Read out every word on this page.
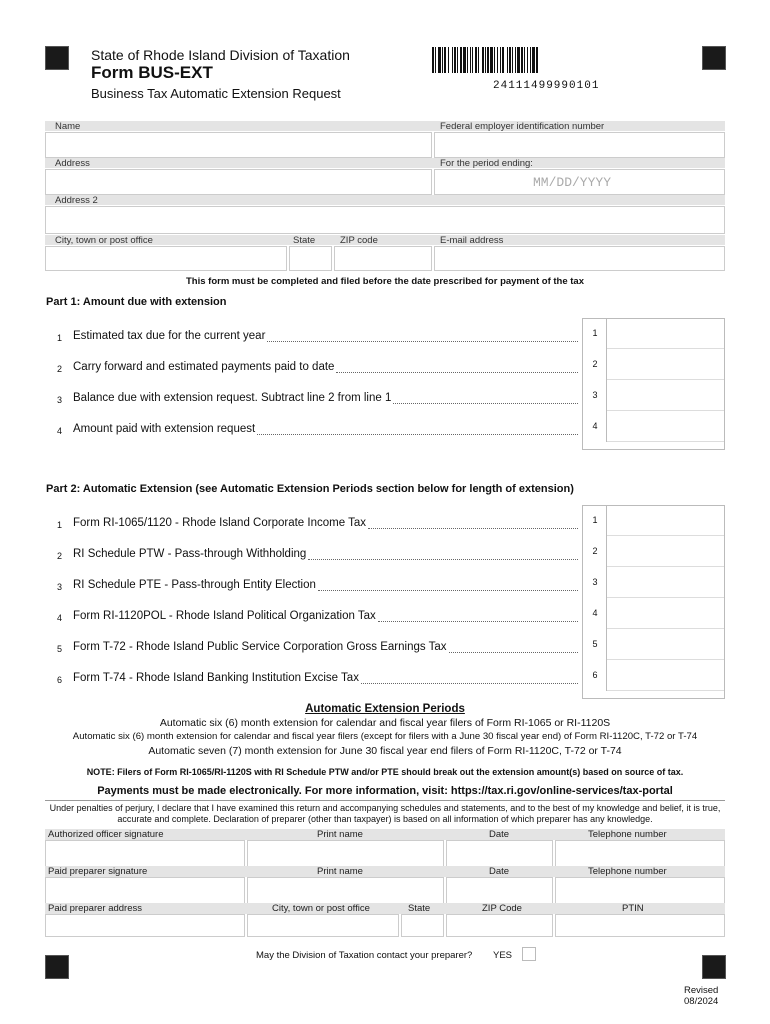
State of Rhode Island Division of Taxation
Form BUS-EXT
Business Tax Automatic Extension Request	24111499990101
Name	Federal employer identification number
Address	For the period ending:
MM/DD/YYYY
Address 2
City, town or post office	State	ZIP code	E-mail address
This form must be completed and filed before the date prescribed for payment of the tax
Part 1: Amount due with extension
1 Estimated tax due for the current year	1
2 Carry forward and estimated payments paid to date	2
3 Balance due with extension request. Subtract line 2 from line 1	3
4 Amount paid with extension request	4
Part 2: Automatic Extension (see Automatic Extension Periods section below for length of extension)
1 Form RI-1065/1120 - Rhode Island Corporate Income Tax	1
2 RI Schedule PTW - Pass-through Withholding	2
3 RI Schedule PTE - Pass-through Entity Election	3
4 Form RI-1120POL - Rhode Island Political Organization Tax	4
5 Form T-72 - Rhode Island Public Service Corporation Gross Earnings Tax	5
6 Form T-74 - Rhode Island Banking Institution Excise Tax	6
Automatic Extension Periods
Automatic six (6) month extension for calendar and fiscal year filers of Form RI-1065 or RI-1120S
Automatic six (6) month extension for calendar and fiscal year filers (except for filers with a June 30 fiscal year end) of Form RI-1120C, T-72 or T-74
Automatic seven (7) month extension for June 30 fiscal year end filers of Form RI-1120C, T-72 or T-74
NOTE: Filers of Form RI-1065/RI-1120S with RI Schedule PTW and/or PTE should break out the extension amount(s) based on source of tax.
Payments must be made electronically. For more information, visit: https://tax.ri.gov/online-services/tax-portal
Under penalties of perjury, I declare that I have examined this return and accompanying schedules and statements, and to the best of my knowledge and belief, it is true, accurate and complete. Declaration of preparer (other than taxpayer) is based on all information of which preparer has any knowledge.
Authorized officer signature	Print name	Date	Telephone number
Paid preparer signature	Print name	Date	Telephone number
Paid preparer address	City, town or post office	State	ZIP Code	PTIN
May the Division of Taxation contact your preparer? YES
Revised
08/2024
